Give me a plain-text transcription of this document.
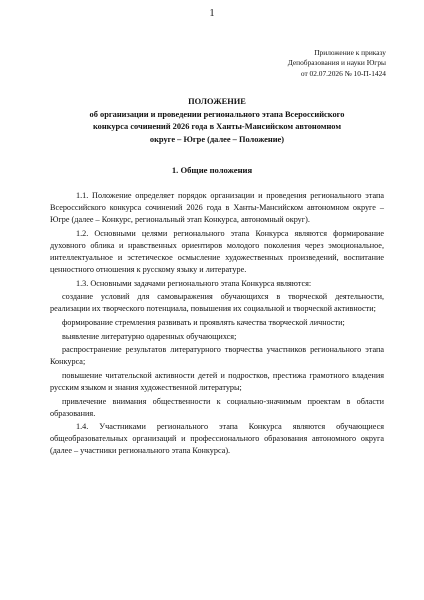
1
Приложение к приказу
Депобразования и науки Югры
от 02.07.2026 № 10-П-1424
ПОЛОЖЕНИЕ
об организации и проведении регионального этапа Всероссийского
конкурса сочинений 2026 года в Ханты-Мансийском автономном
округе – Югре (далее – Положение)
1. Общие положения

1.1. Положение определяет порядок организации и проведения регионального этапа Всероссийского конкурса сочинений 2026 года в Ханты-Мансийском автономном округе – Югре (далее – Конкурс, региональный этап Конкурса, автономный округ).

1.2. Основными целями регионального этапа Конкурса являются формирование духовного облика и нравственных ориентиров молодого поколения через эмоциональное, интеллектуальное и эстетическое осмысление художественных произведений, воспитание ценностного отношения к русскому языку и литературе.

1.3. Основными задачами регионального этапа Конкурса являются:

создание условий для самовыражения обучающихся в творческой деятельности, реализации их творческого потенциала, повышения их социальной и творческой активности;

формирование стремления развивать и проявлять качества творческой личности;

выявление литературно одаренных обучающихся;

распространение результатов литературного творчества участников регионального этапа Конкурса;

повышение читательской активности детей и подростков, престижа грамотного владения русским языком и знания художественной литературы;

привлечение внимания общественности к социально-значимым проектам в области образования.

1.4. Участниками регионального этапа Конкурса являются обучающиеся общеобразовательных организаций и профессионального образования автономного округа (далее – участники регионального этапа Конкурса).
